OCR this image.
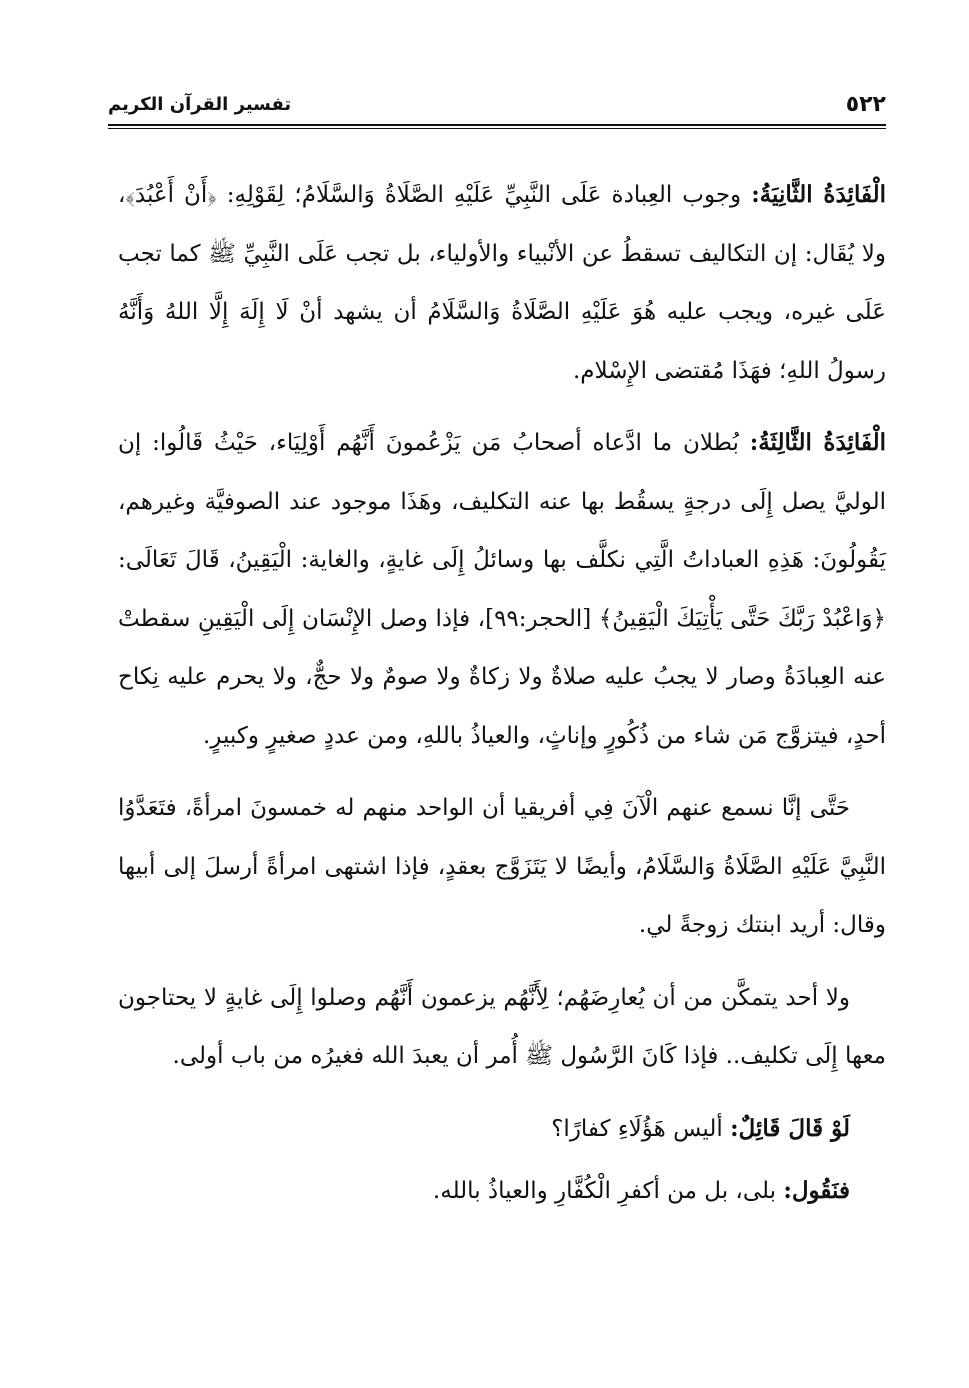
٥٢٢
تفسير القرآن الكريم

الْفَائِدَةُ الثَّانِيَةُ: وجوب العِبادة عَلَى النَّبِيِّ عَلَيْهِ الصَّلَاةُ وَالسَّلَامُ؛ لِقَوْلِهِ: ﴿أَنْ أَعْبُدَ﴾، ولا يُقَال: إن التكاليف تسقطُ عن الأنْبياء والأولياء، بل تجب عَلَى النَّبِيِّ ﷺ كما تجب عَلَى غيره، ويجب عليه هُوَ عَلَيْهِ الصَّلَاةُ وَالسَّلَامُ أن يشهد أنْ لَا إِلَهَ إِلَّا اللهُ وَأَنَّهُ رسولُ اللهِ؛ فهَذَا مُقتضى الإِسْلام.

الْفَائِدَةُ الثَّالِثَةُ: بُطلان ما ادَّعاه أصحابُ مَن يَزْعُمونَ أَنَّهُم أَوْلِيَاء، حَيْثُ قَالُوا: إن الوليَّ يصل إِلَى درجةٍ يسقُط بها عنه التكليف، وهَذَا موجود عند الصوفيَّة وغيرهم، يَقُولُونَ: هَذِهِ العباداتُ الَّتِي نكلَّف بها وسائلُ إِلَى غايةٍ، والغاية: الْيَقِينُ، قَالَ تَعَالَى: ﴿وَاعْبُدْ رَبَّكَ حَتَّى يَأْتِيَكَ الْيَقِينُ﴾ [الحجر:٩٩]، فإذا وصل الإِنْسَان إِلَى الْيَقِينِ سقطتْ عنه العِبادَةُ وصار لا يجبُ عليه صلاةٌ ولا زكاةٌ ولا صومٌ ولا حجٌّ، ولا يحرم عليه نِكاح أحدٍ، فيتزوَّج مَن شاء من ذُكُورٍ وإناثٍ، والعياذُ باللهِ، ومن عددٍ صغيرٍ وكبيرٍ.

حَتَّى إنَّا نسمع عنهم الْآنَ فِي أفريقيا أن الواحد منهم له خمسونَ امرأةً، فتَعَدَّوُا النَّبِيَّ عَلَيْهِ الصَّلَاةُ وَالسَّلَامُ، وأيضًا لا يَتَزَوَّج بعقدٍ، فإذا اشتهى امرأةً أرسلَ إلى أبيها وقال: أريد ابنتك زوجةً لي.

ولا أحد يتمكَّن من أن يُعارِضَهُم؛ لِأَنَّهُم يزعمون أَنَّهُم وصلوا إِلَى غايةٍ لا يحتاجون معها إِلَى تكليف.. فإذا كَانَ الرَّسُول ﷺ أُمر أن يعبدَ الله فغيرُه من باب أولى.

لَوْ قَالَ قَائِلٌ: أليس هَؤُلَاءِ كفارًا؟

فنَقُول: بلى، بل من أكفرِ الْكُفَّارِ والعياذُ بالله.
